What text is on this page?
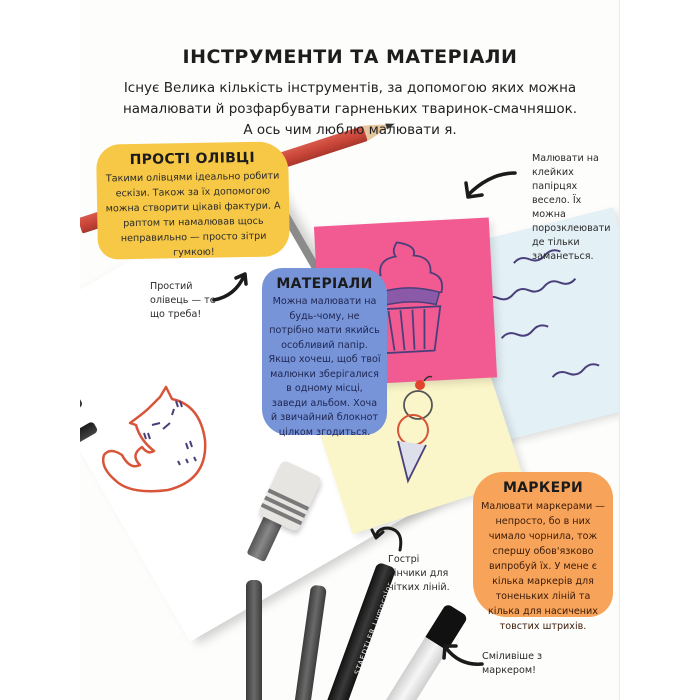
STAEDTLER Lumocolor
ІНСТРУМЕНТИ ТА МАТЕРІАЛИ
Існує Велика кількість інструментів, за допомогою яких можна
намалювати й розфарбувати гарненьких тваринок-смачняшок.
А ось чим люблю малювати я.
ПРОСТІ ОЛІВЦІ
Такими олівцями ідеально робити ескізи. Також за їх допомогою можна створити цікаві фактури. А раптом ти намалював щось неправильно — просто зітри гумкою!
МАТЕРІАЛИ
Можна малювати на будь-чому, не потрібно мати якийсь особливий папір. Якщо хочеш, щоб твої малюнки зберігалися в одному місці, заведи альбом. Хоча й звичайний блокнот цілком згодиться.
МАРКЕРИ
Малювати маркерами — непросто, бо в них чимало чорнила, тож спершу обов'язково випробуй їх. У мене є кілька маркерів для тоненьких ліній та кілька для насичених товстих штрихів.
Малювати на клейких папірцях весело. Їх можна порозклеювати де тільки заманеться.
Простий олівець — те що треба!
Гострі кінчики для чітких ліній.
Сміливіше з маркером!
